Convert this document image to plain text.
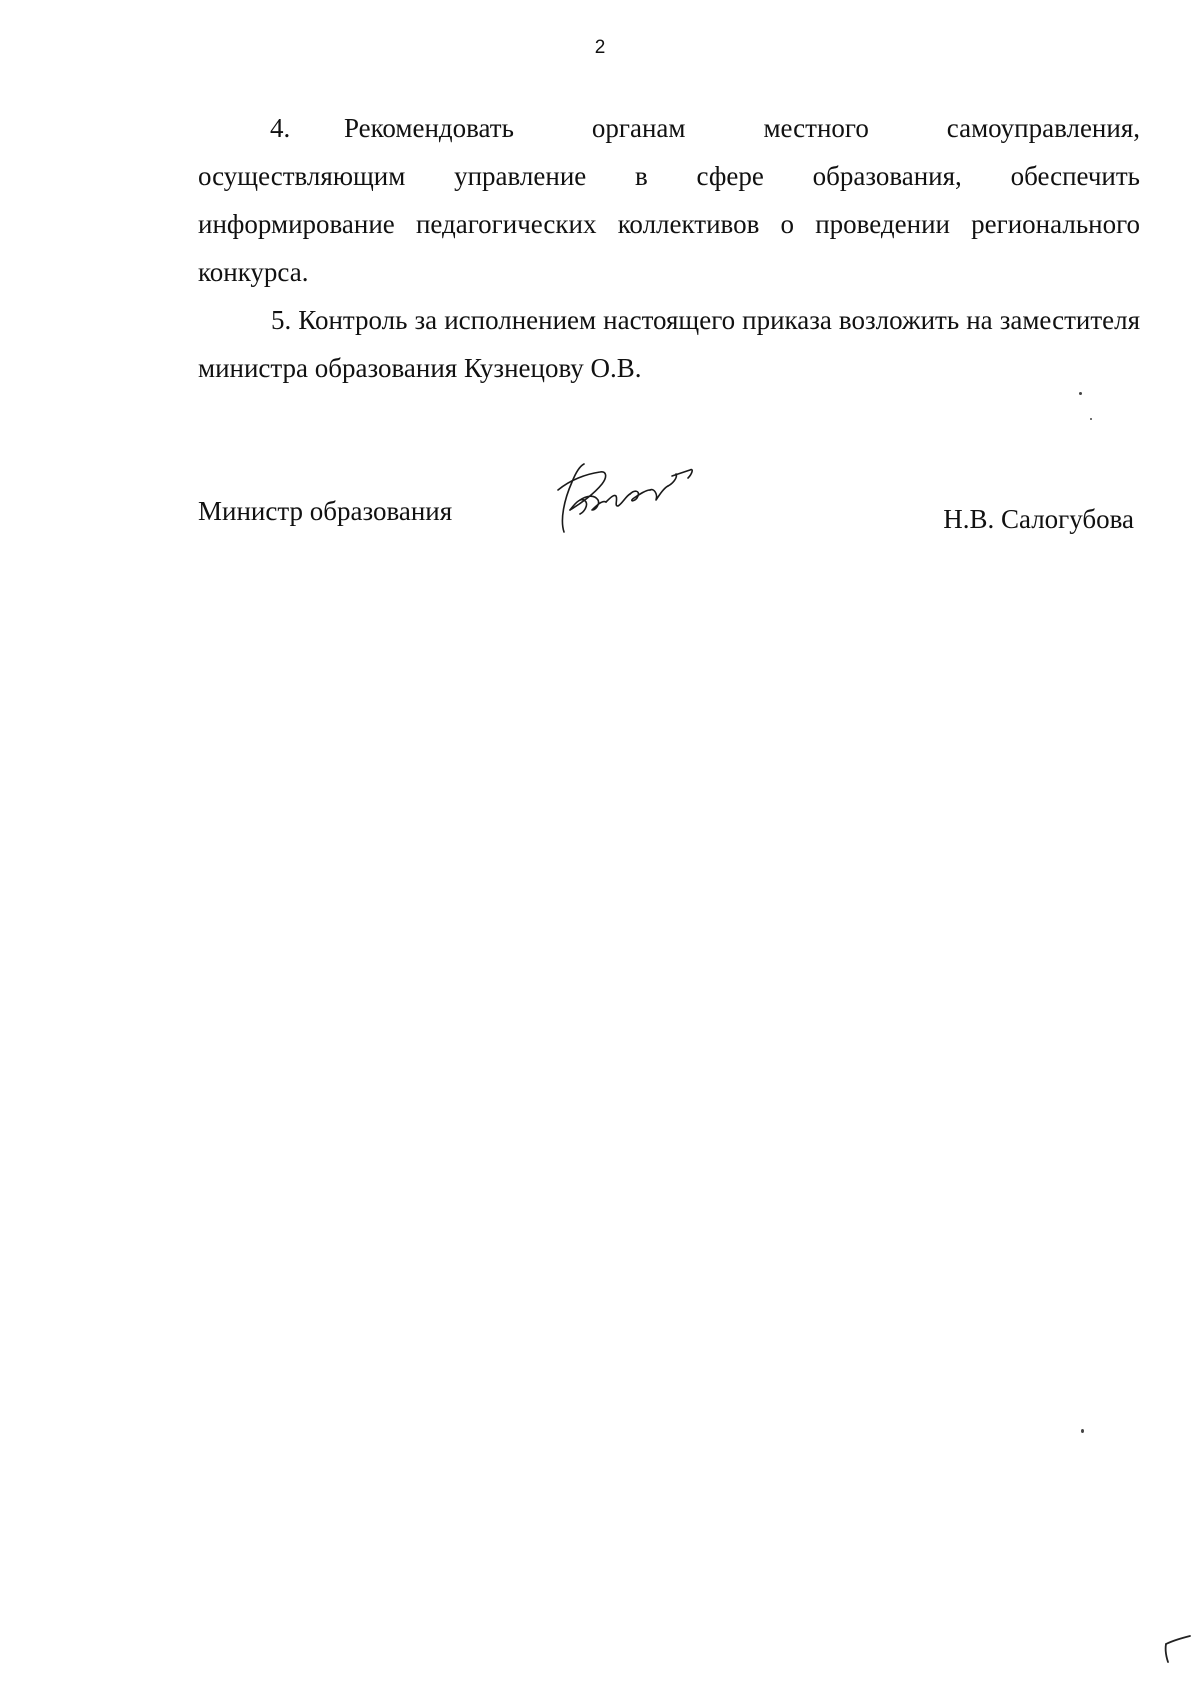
2
4. Рекомендовать органам местного самоуправления,
осуществляющим управление в сфере образования, обеспечить
информирование педагогических коллективов о проведении регионального конкурса.
5. Контроль за исполнением настоящего приказа возложить на заместителя министра образования Кузнецову О.В.
Министр образования	Н.В. Салогубова
